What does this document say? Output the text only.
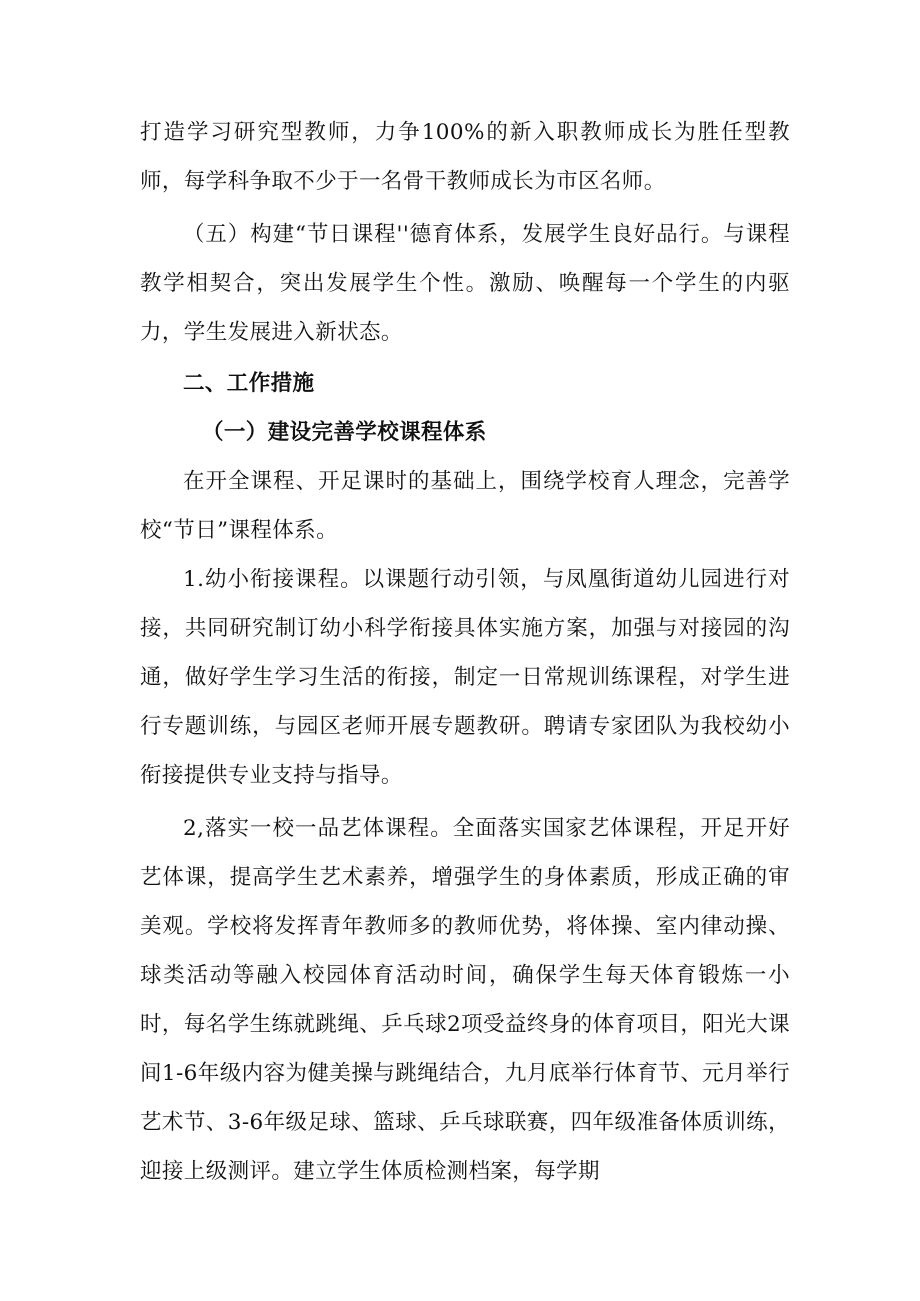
打造学习研究型教师，力争100%的新入职教师成长为胜任型教师，每学科争取不少于一名骨干教师成长为市区名师。

（五）构建“节日课程''德育体系，发展学生良好品行。与课程教学相契合，突出发展学生个性。激励、唤醒每一个学生的内驱力，学生发展进入新状态。

二、工作措施

（一）建设完善学校课程体系

在开全课程、开足课时的基础上，围绕学校育人理念，完善学校“节日”课程体系。

1.幼小衔接课程。以课题行动引领，与凤凰街道幼儿园进行对接，共同研究制订幼小科学衔接具体实施方案，加强与对接园的沟通，做好学生学习生活的衔接，制定一日常规训练课程，对学生进行专题训练，与园区老师开展专题教研。聘请专家团队为我校幼小衔接提供专业支持与指导。

2,落实一校一品艺体课程。全面落实国家艺体课程，开足开好艺体课，提高学生艺术素养，增强学生的身体素质，形成正确的审美观。学校将发挥青年教师多的教师优势，将体操、室内律动操、球类活动等融入校园体育活动时间，确保学生每天体育锻炼一小时，每名学生练就跳绳、乒乓球2项受益终身的体育项目，阳光大课间1-6年级内容为健美操与跳绳结合，九月底举行体育节、元月举行艺术节、3-6年级足球、篮球、乒乓球联赛，四年级准备体质训练，迎接上级测评。建立学生体质检测档案，每学期
